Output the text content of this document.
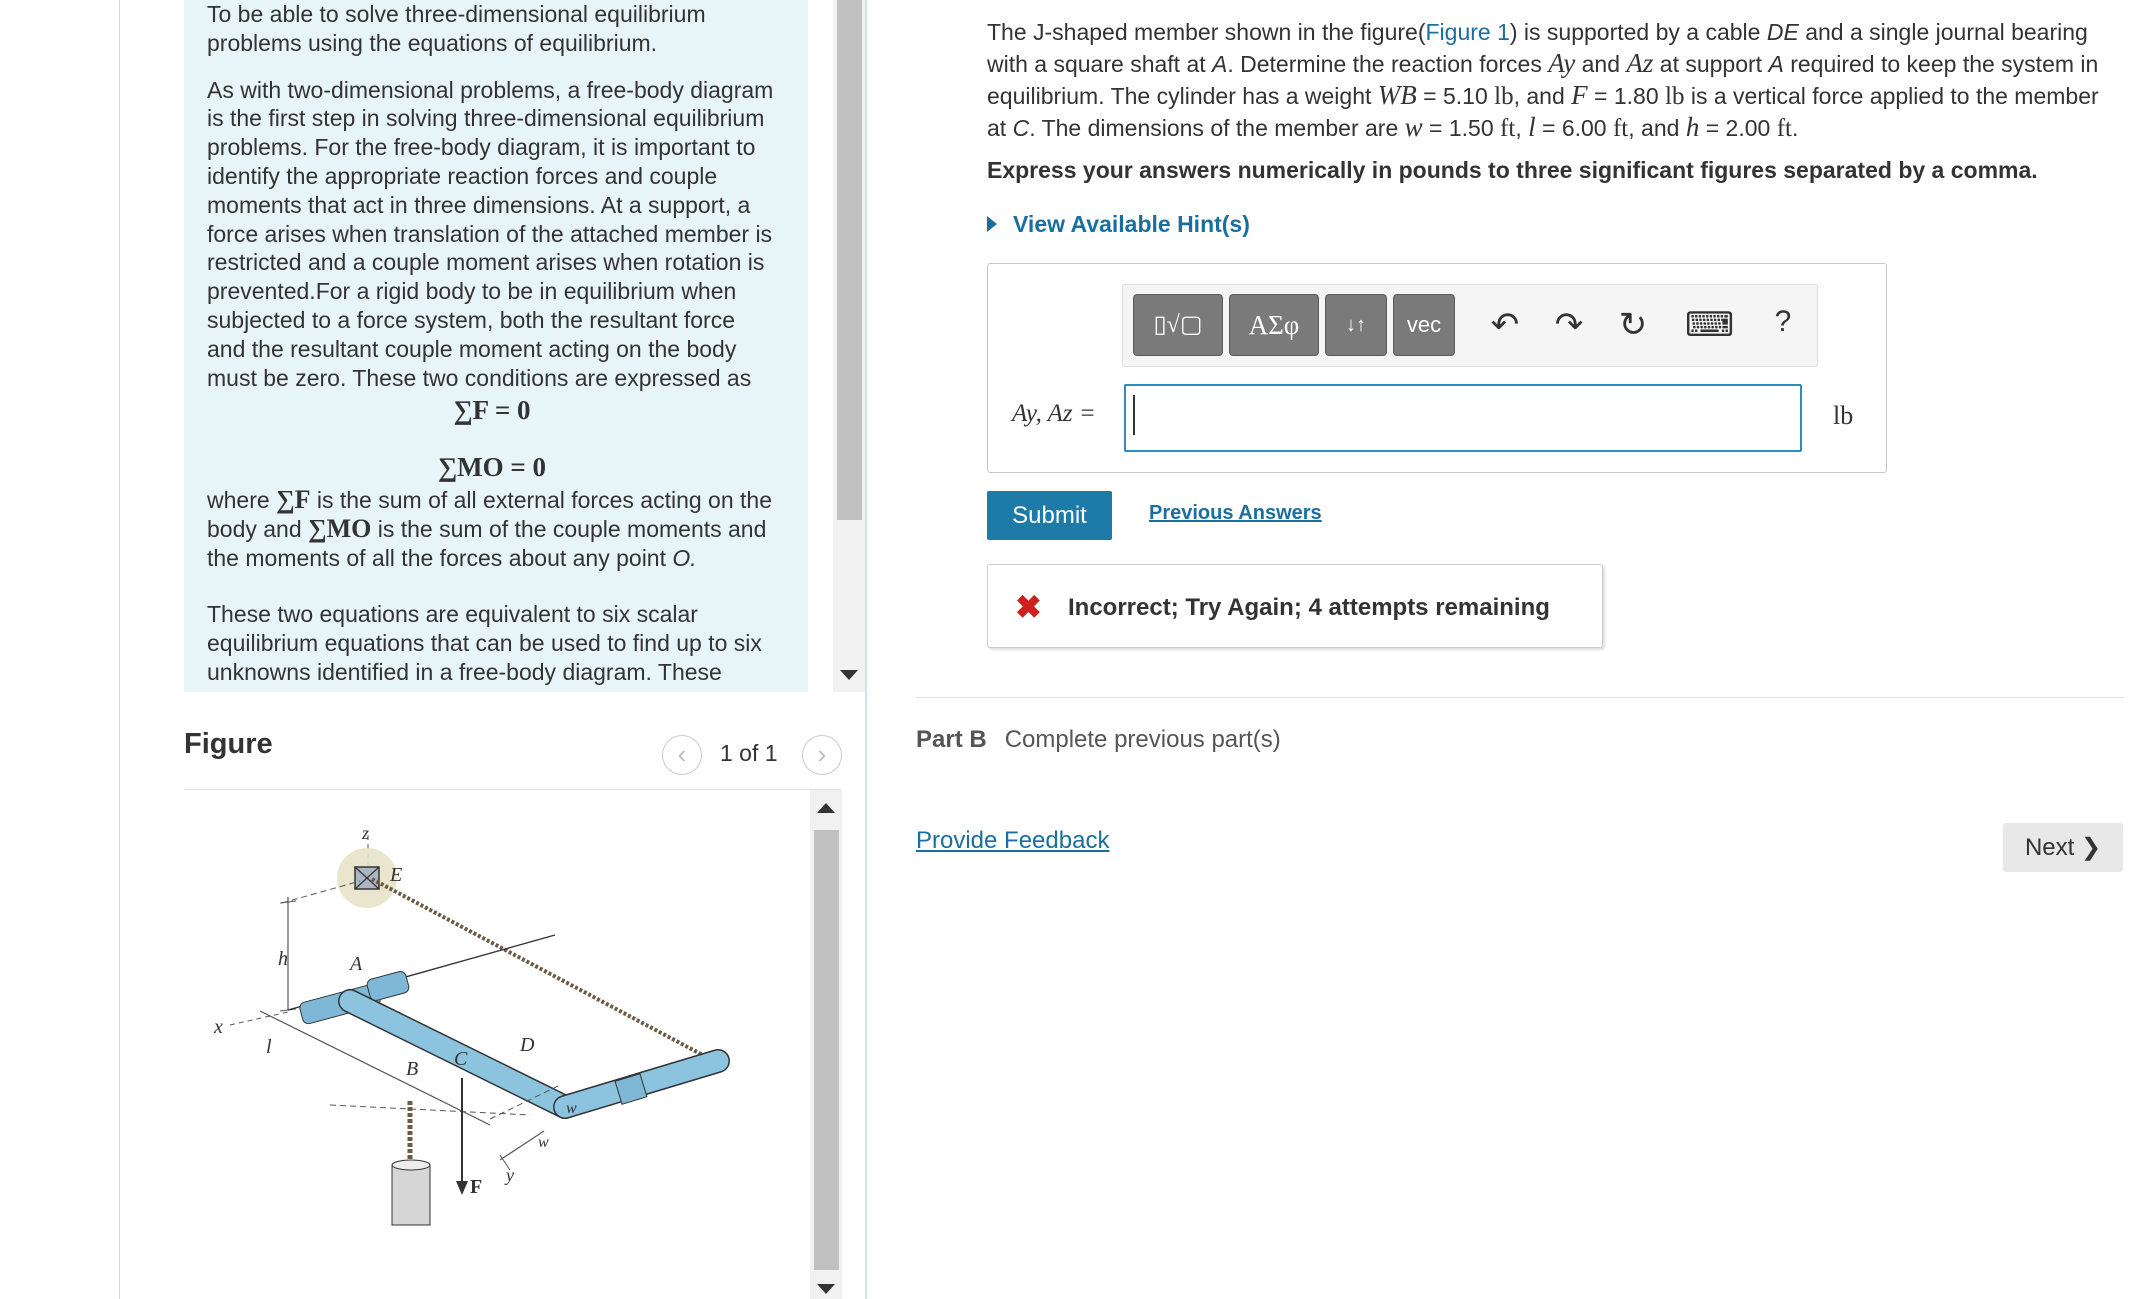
To be able to solve three-dimensional equilibrium problems using the equations of equilibrium.

As with two-dimensional problems, a free-body diagram is the first step in solving three-dimensional equilibrium problems. For the free-body diagram, it is important to identify the appropriate reaction forces and couple moments that act in three dimensions. At a support, a force arises when translation of the attached member is restricted and a couple moment arises when rotation is prevented.For a rigid body to be in equilibrium when subjected to a force system, both the resultant force and the resultant couple moment acting on the body must be zero. These two conditions are expressed as

∑F = 0
∑MO = 0

where ∑F is the sum of all external forces acting on the body and ∑MO is the sum of the couple moments and the moments of all the forces about any point O.

These two equations are equivalent to six scalar equilibrium equations that can be used to find up to six unknowns identified in a free-body diagram. These

Figure	‹	1 of 1	›
z
E
h	A
x
l
B C
D
F
w
w
y
The J-shaped member shown in the figure(Figure 1) is supported by a cable DE and a single journal bearing with a square shaft at A. Determine the reaction forces Ay and Az at support A required to keep the system in equilibrium. The cylinder has a weight WB = 5.10 lb, and F = 1.80 lb is a vertical force applied to the member at C. The dimensions of the member are w = 1.50 ft, l = 6.00 ft, and h = 2.00 ft.
Express your answers numerically in pounds to three significant figures separated by a comma.
View Available Hint(s)
▯√▢	ΑΣφ	↓↑	vec	↶ ↷ ↻ ⌨	?
Ay, Az =	lb
Submit	Previous Answers
✖ Incorrect; Try Again; 4 attempts remaining
Part B Complete previous part(s)
Provide Feedback	Next ❯
